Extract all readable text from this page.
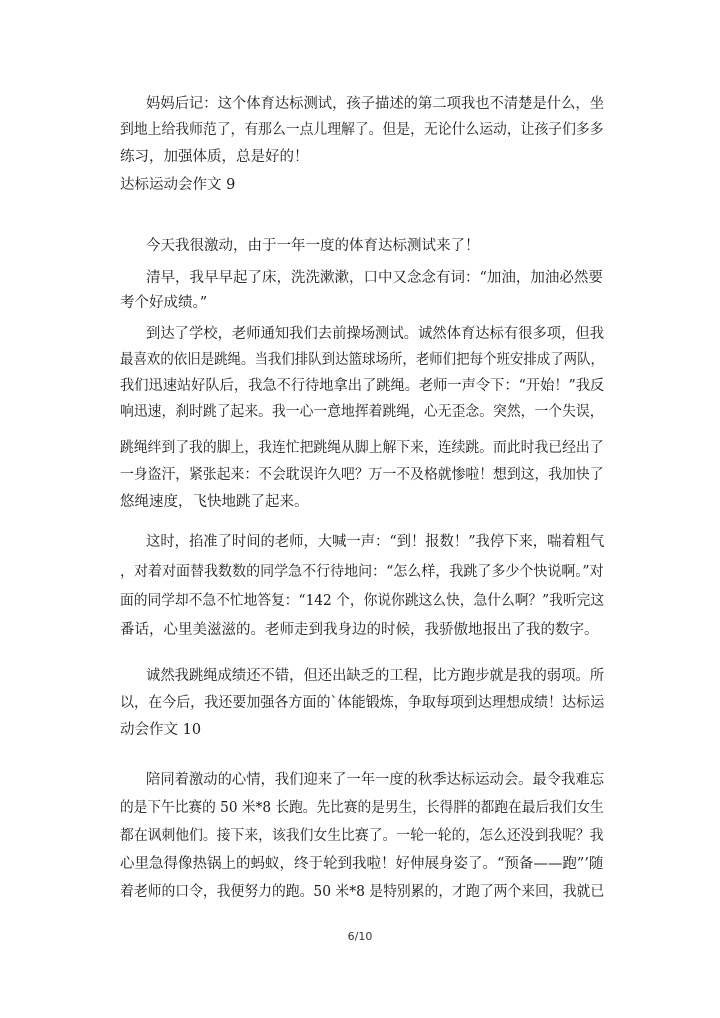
妈妈后记：这个体育达标测试，孩子描述的第二项我也不清楚是什么，坐

到地上给我师范了，有那么一点儿理解了。但是，无论什么运动，让孩子们多多

练习，加强体质，总是好的！

达标运动会作文 9

今天我很激动，由于一年一度的体育达标测试来了！

清早，我早早起了床，洗洗漱漱，口中又念念有词：“加油，加油必然要

考个好成绩。”

到达了学校，老师通知我们去前操场测试。诚然体育达标有很多项，但我

最喜欢的依旧是跳绳。当我们排队到达篮球场所，老师们把每个班安排成了两队，

我们迅速站好队后，我急不行待地拿出了跳绳。老师一声令下：“开始！”我反

响迅速，刹时跳了起来。我一心一意地挥着跳绳，心无歪念。突然，一个失误，

跳绳绊到了我的脚上，我连忙把跳绳从脚上解下来，连续跳。而此时我已经出了

一身盗汗，紧张起来：不会耽误许久吧？万一不及格就惨啦！想到这，我加快了

悠绳速度，飞快地跳了起来。

这时，掐准了时间的老师，大喊一声：“到！报数！”我停下来，喘着粗气

，对着对面替我数数的同学急不行待地问：“怎么样，我跳了多少个快说啊。”对

面的同学却不急不忙地答复：“142 个，你说你跳这么快，急什么啊？”我听完这

番话，心里美滋滋的。老师走到我身边的时候，我骄傲地报出了我的数字。

诚然我跳绳成绩还不错，但还出缺乏的工程，比方跑步就是我的弱项。所

以，在今后，我还要加强各方面的`体能锻炼，争取每项到达理想成绩！达标运

动会作文 10

陪同着激动的心情，我们迎来了一年一度的秋季达标运动会。最令我难忘

的是下午比赛的 50 米*8 长跑。先比赛的是男生，长得胖的都跑在最后我们女生

都在讽刺他们。接下来，该我们女生比赛了。一轮一轮的，怎么还没到我呢？我

心里急得像热锅上的蚂蚁，终于轮到我啦！好伸展身姿了。“预备——跑”’随

着老师的口令，我便努力的跑。50 米*8 是特别累的，才跑了两个来回，我就已

6/10
